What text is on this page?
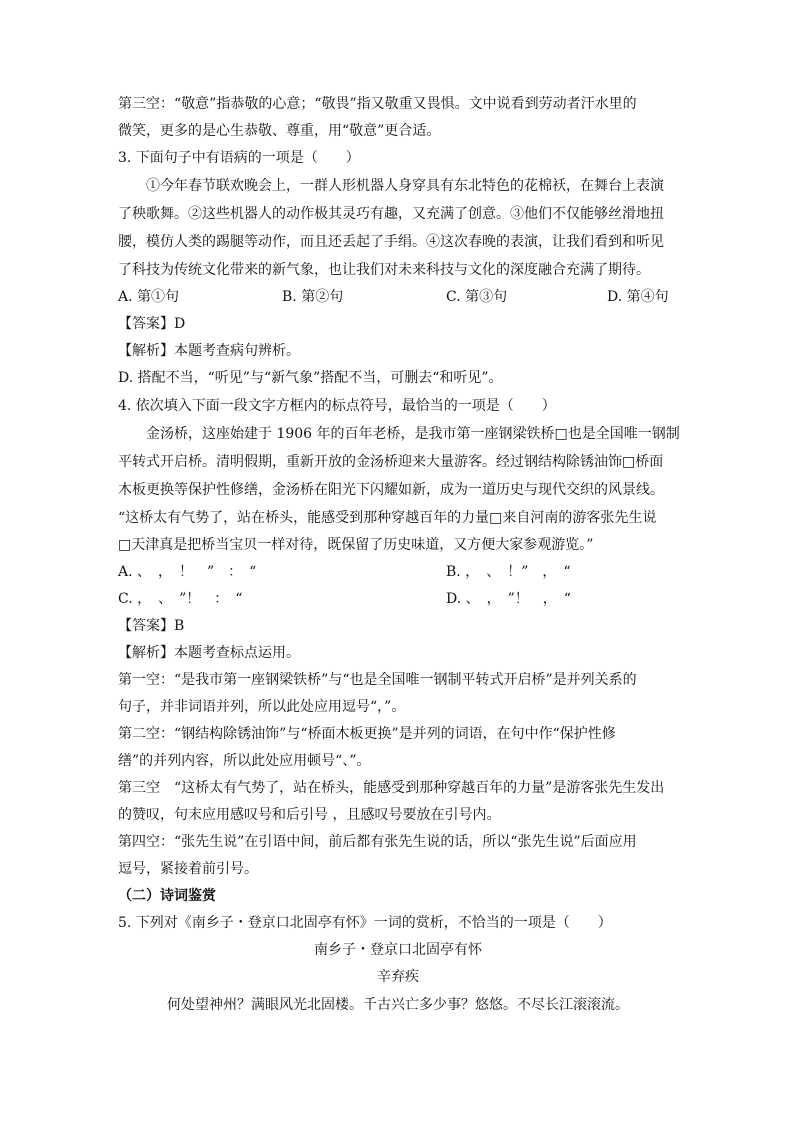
第三空：“敬意”指恭敬的心意；“敬畏”指又敬重又畏惧。文中说看到劳动者汗水里的
微笑，更多的是心生恭敬、尊重，用“敬意”更合适。
3. 下面句子中有语病的一项是（　　）
　　①今年春节联欢晚会上，一群人形机器人身穿具有东北特色的花棉袄，在舞台上表演
了秧歌舞。②这些机器人的动作极其灵巧有趣，又充满了创意。③他们不仅能够丝滑地扭
腰，模仿人类的踢腿等动作，而且还丢起了手绢。④这次春晚的表演，让我们看到和听见
了科技为传统文化带来的新气象，也让我们对未来科技与文化的深度融合充满了期待。
A. 第①句	B. 第②句	C. 第③句	D. 第④句
【答案】D
【解析】本题考查病句辨析。
D. 搭配不当，“听见”与“新气象”搭配不当，可删去“和听见”。
4. 依次填入下面一段文字方框内的标点符号，最恰当的一项是（　　）
　　金汤桥，这座始建于 1906 年的百年老桥，是我市第一座钢梁铁桥□也是全国唯一钢制
平转式开启桥。清明假期，重新开放的金汤桥迎来大量游客。经过钢结构除锈油饰□桥面
木板更换等保护性修缮，金汤桥在阳光下闪耀如新，成为一道历史与现代交织的风景线。
“这桥太有气势了，站在桥头，能感受到那种穿越百年的力量□来自河南的游客张先生说
□天津真是把桥当宝贝一样对待，既保留了历史味道，又方便大家参观游览。”
A. 、　，　！　”　：　“	B. ，　、　！”　，　“
C. ，　、　”！　：　“	D. 、　，　”！　，　“
【答案】B
【解析】本题考查标点运用。
第一空：“是我市第一座钢梁铁桥”与“也是全国唯一钢制平转式开启桥”是并列关系的
句子，并非词语并列，所以此处应用逗号“，”。
第二空：“钢结构除锈油饰”与“桥面木板更换”是并列的词语，在句中作“保护性修
缮”的并列内容，所以此处应用顿号“、”。
第三空　“这桥太有气势了，站在桥头，能感受到那种穿越百年的力量”是游客张先生发出
的赞叹，句末应用感叹号和后引号 ，且感叹号要放在引号内。
第四空：“张先生说”在引语中间，前后都有张先生说的话，所以“张先生说”后面应用
逗号，紧接着前引号。
（二）诗词鉴赏
5. 下列对《南乡子・登京口北固亭有怀》一词的赏析，不恰当的一项是（　　）
南乡子・登京口北固亭有怀
辛弃疾
何处望神州？满眼风光北固楼。千古兴亡多少事？悠悠。不尽长江滚滚流。
